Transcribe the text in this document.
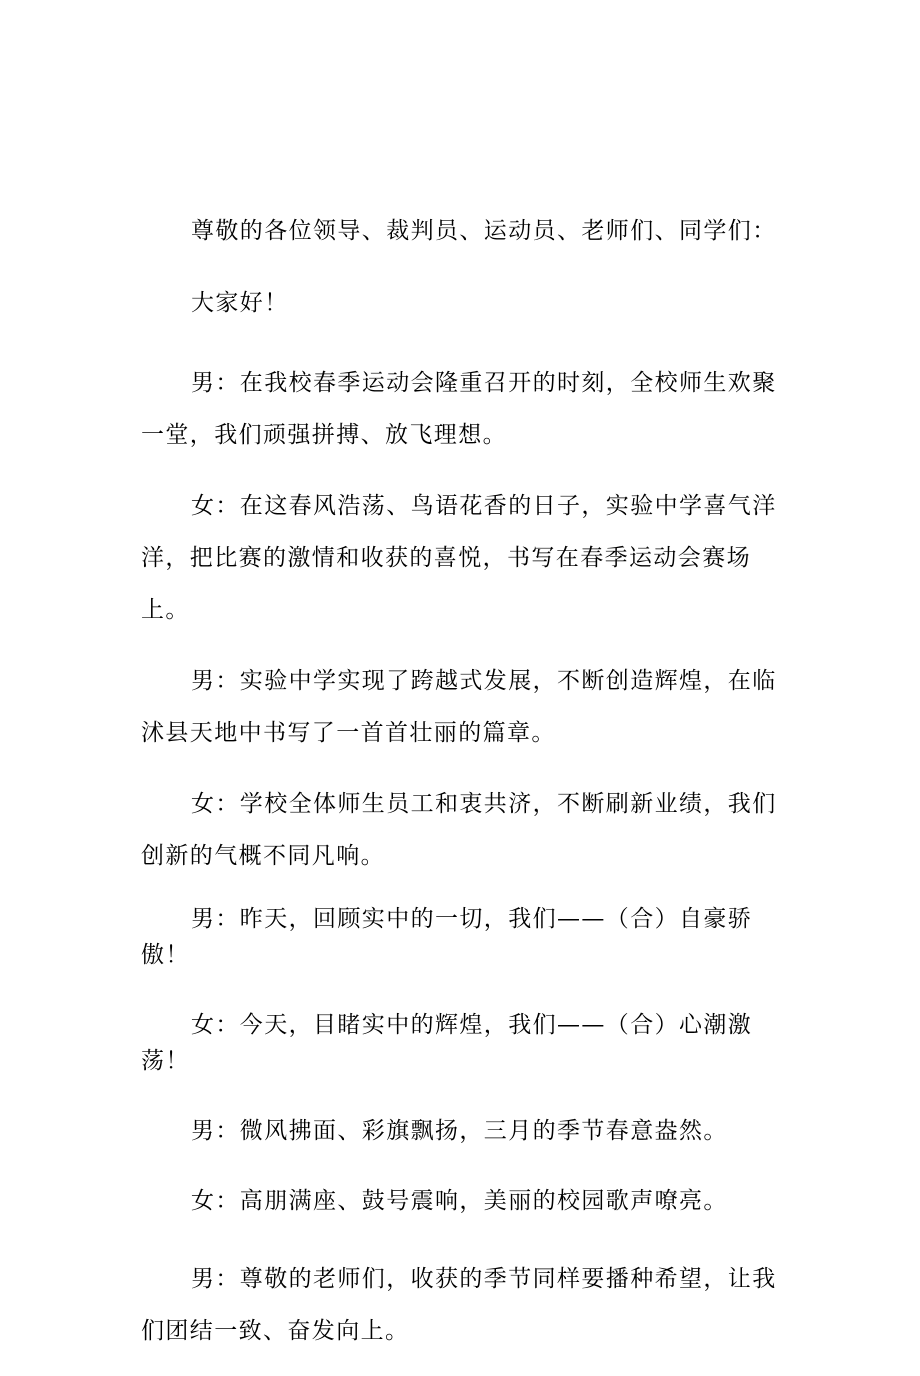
尊敬的各位领导、裁判员、运动员、老师们、同学们：

大家好！

男：在我校春季运动会隆重召开的时刻，全校师生欢聚一堂，我们顽强拼搏、放飞理想。

女：在这春风浩荡、鸟语花香的日子，实验中学喜气洋洋，把比赛的激情和收获的喜悦，书写在春季运动会赛场上。

男：实验中学实现了跨越式发展，不断创造辉煌，在临沭县天地中书写了一首首壮丽的篇章。

女：学校全体师生员工和衷共济，不断刷新业绩，我们创新的气概不同凡响。

男：昨天，回顾实中的一切，我们——（合）自豪骄傲！

女：今天，目睹实中的辉煌，我们——（合）心潮激荡！

男：微风拂面、彩旗飘扬，三月的季节春意盎然。

女：高朋满座、鼓号震响，美丽的校园歌声嘹亮。

男：尊敬的老师们，收获的季节同样要播种希望，让我们团结一致、奋发向上。
